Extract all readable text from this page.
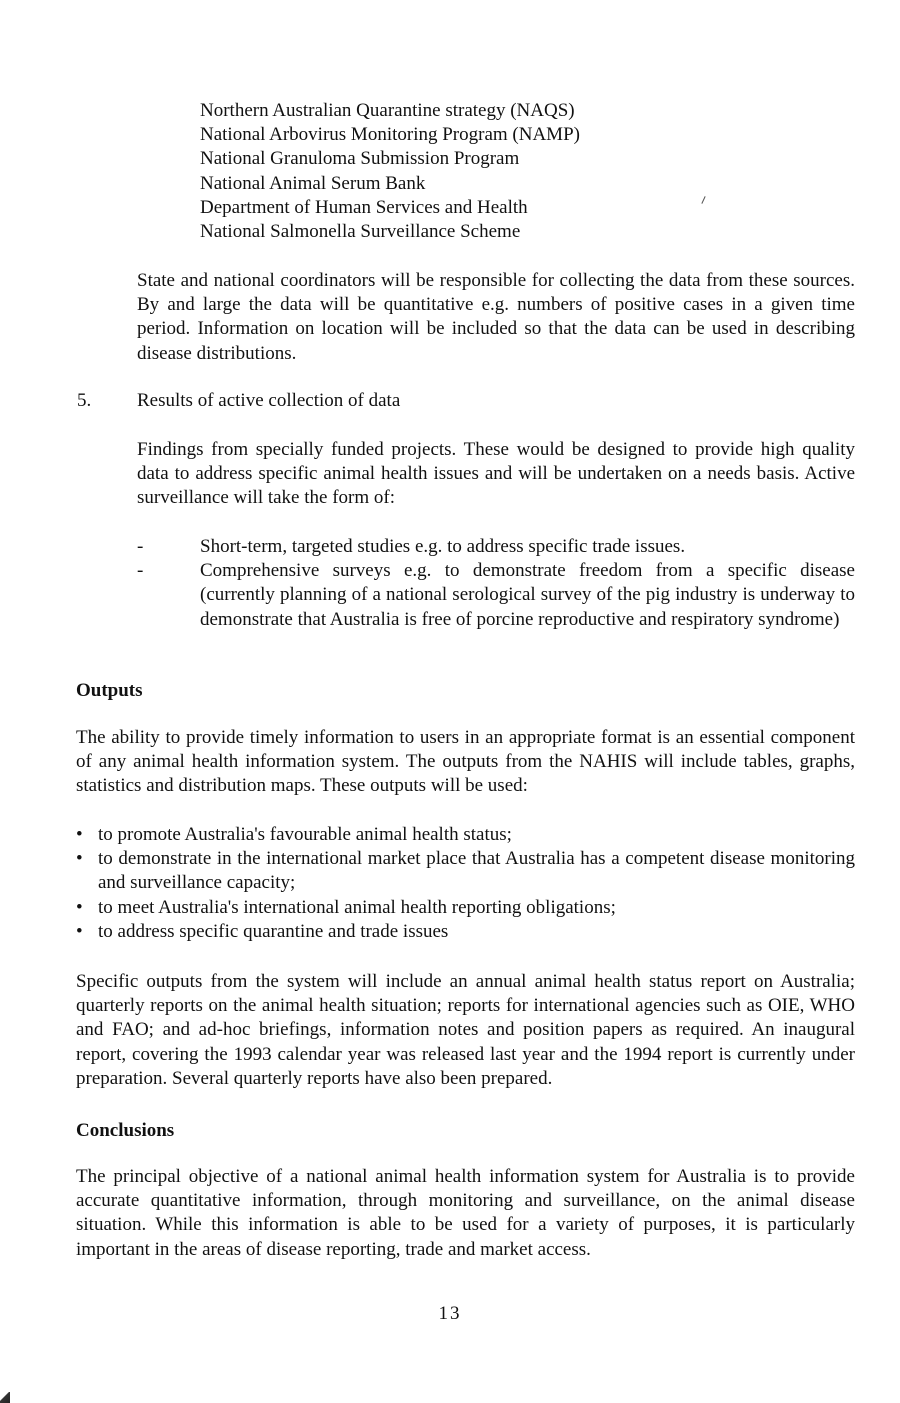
Northern Australian Quarantine strategy (NAQS)
National Arbovirus Monitoring Program (NAMP)
National Granuloma Submission Program
National Animal Serum Bank
Department of Human Services and Health
National Salmonella Surveillance Scheme

State and national coordinators will be responsible for collecting the data from these sources. By and large the data will be quantitative e.g. numbers of positive cases in a given time period. Information on location will be included so that the data can be used in describing disease distributions.

5. Results of active collection of data

Findings from specially funded projects. These would be designed to provide high quality data to address specific animal health issues and will be undertaken on a needs basis. Active surveillance will take the form of:

-	Short-term, targeted studies e.g. to address specific trade issues.
-	Comprehensive surveys e.g. to demonstrate freedom from a specific disease (currently planning of a national serological survey of the pig industry is underway to demonstrate that Australia is free of porcine reproductive and respiratory syndrome)
Outputs

The ability to provide timely information to users in an appropriate format is an essential component of any animal health information system. The outputs from the NAHIS will include tables, graphs, statistics and distribution maps. These outputs will be used:

• to promote Australia's favourable animal health status;
• to demonstrate in the international market place that Australia has a competent disease monitoring and surveillance capacity;
• to meet Australia's international animal health reporting obligations;
• to address specific quarantine and trade issues

Specific outputs from the system will include an annual animal health status report on Australia; quarterly reports on the animal health situation; reports for international agencies such as OIE, WHO and FAO; and ad-hoc briefings, information notes and position papers as required. An inaugural report, covering the 1993 calendar year was released last year and the 1994 report is currently under preparation. Several quarterly reports have also been prepared.

Conclusions

The principal objective of a national animal health information system for Australia is to provide accurate quantitative information, through monitoring and surveillance, on the animal disease situation. While this information is able to be used for a variety of purposes, it is particularly important in the areas of disease reporting, trade and market access.

13
